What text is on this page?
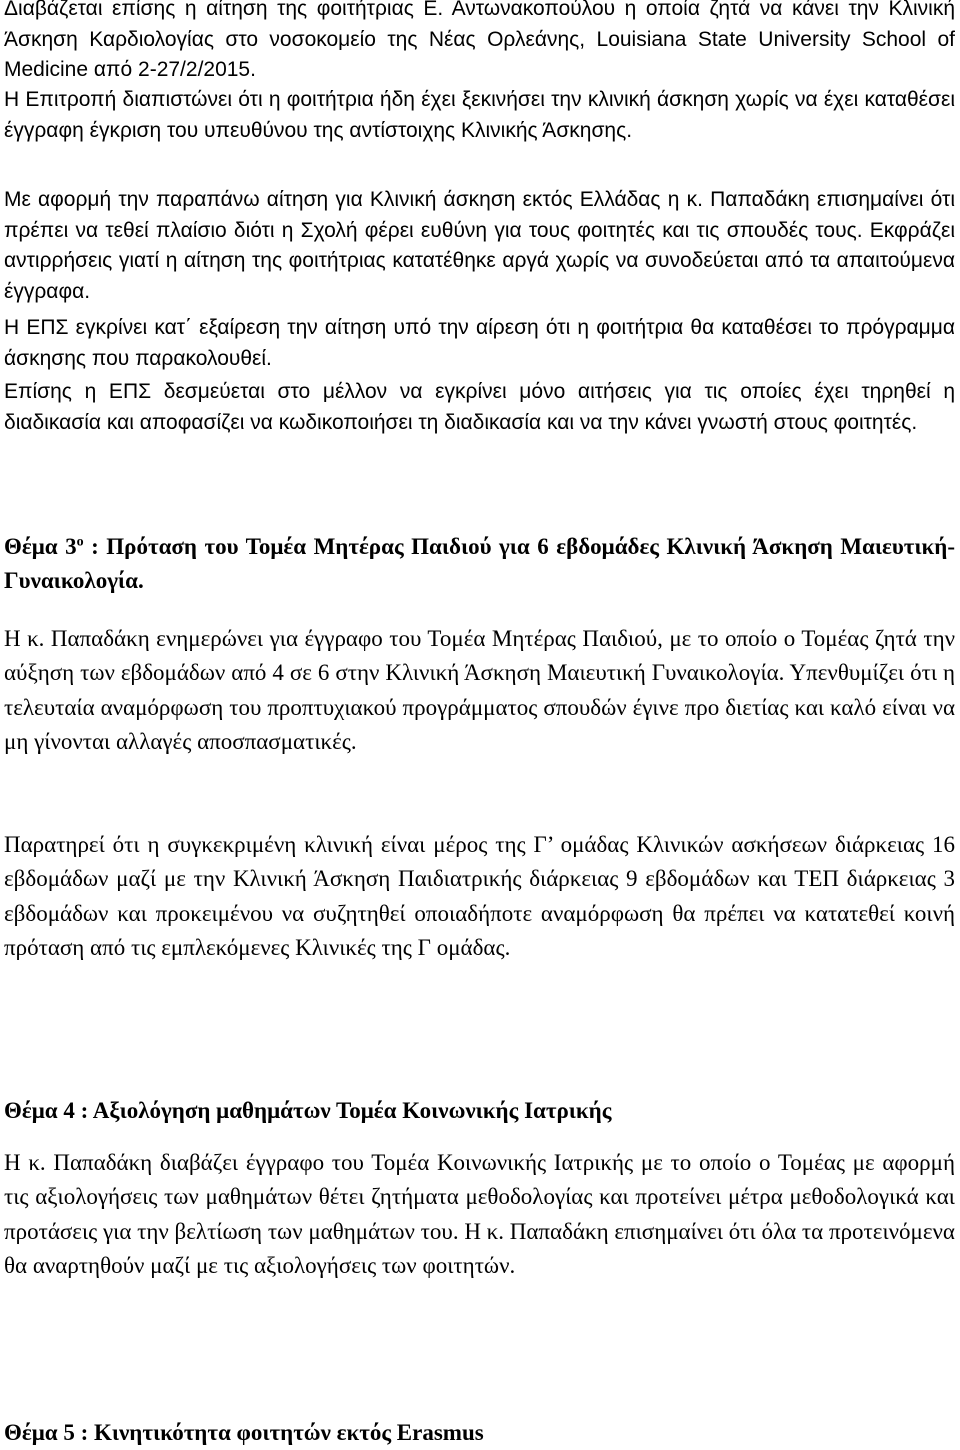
Διαβάζεται επίσης η αίτηση της φοιτήτριας Ε. Αντωνακοπούλου η οποία ζητά να κάνει την Κλινική Άσκηση Καρδιολογίας στο νοσοκομείο της Νέας Ορλεάνης, Louisiana State University School of Medicine από 2-27/2/2015.

Η Επιτροπή διαπιστώνει ότι η φοιτήτρια ήδη έχει ξεκινήσει την κλινική άσκηση χωρίς να έχει καταθέσει έγγραφη έγκριση του υπευθύνου της αντίστοιχης Κλινικής Άσκησης.

Με αφορμή την παραπάνω αίτηση για Κλινική άσκηση εκτός Ελλάδας η κ. Παπαδάκη επισημαίνει ότι πρέπει να τεθεί πλαίσιο διότι η Σχολή φέρει ευθύνη για τους φοιτητές και τις σπουδές τους. Εκφράζει αντιρρήσεις γιατί η αίτηση της φοιτήτριας κατατέθηκε αργά χωρίς να συνοδεύεται από τα απαιτούμενα έγγραφα.

Η ΕΠΣ εγκρίνει κατ΄ εξαίρεση την αίτηση υπό την αίρεση ότι η φοιτήτρια θα καταθέσει το πρόγραμμα άσκησης που παρακολουθεί.

Επίσης η ΕΠΣ δεσμεύεται στο μέλλον να εγκρίνει μόνο αιτήσεις για τις οποίες έχει τηρηθεί η διαδικασία και αποφασίζει να κωδικοποιήσει τη διαδικασία και να την κάνει γνωστή στους φοιτητές.

Θέμα $3^o$ : Πρόταση του Τομέα Μητέρας Παιδιού για 6 εβδομάδες Κλινική Άσκηση Μαιευτική-Γυναικολογία.

Η κ. Παπαδάκη ενημερώνει για έγγραφο του Τομέα Μητέρας Παιδιού, με το οποίο ο Τομέας ζητά την αύξηση των εβδομάδων από 4 σε 6 στην Κλινική Άσκηση Μαιευτική Γυναικολογία. Υπενθυμίζει ότι η τελευταία αναμόρφωση του προπτυχιακού προγράμματος σπουδών έγινε προ διετίας και καλό είναι να μη γίνονται αλλαγές αποσπασματικές.

Παρατηρεί ότι η συγκεκριμένη κλινική είναι μέρος της Γ’ ομάδας Κλινικών ασκήσεων διάρκειας 16 εβδομάδων μαζί με την Κλινική Άσκηση Παιδιατρικής διάρκειας 9 εβδομάδων και ΤΕΠ διάρκειας 3 εβδομάδων και προκειμένου να συζητηθεί οποιαδήποτε αναμόρφωση θα πρέπει να κατατεθεί κοινή πρόταση από τις εμπλεκόμενες Κλινικές της Γ ομάδας.

Θέμα 4 : Αξιολόγηση μαθημάτων Τομέα Κοινωνικής Ιατρικής

Η κ. Παπαδάκη διαβάζει έγγραφο του Τομέα Κοινωνικής Ιατρικής με το οποίο ο Τομέας με αφορμή τις αξιολογήσεις των μαθημάτων θέτει ζητήματα μεθοδολογίας και προτείνει μέτρα μεθοδολογικά και προτάσεις για την βελτίωση των μαθημάτων του. Η κ. Παπαδάκη επισημαίνει ότι όλα τα προτεινόμενα θα αναρτηθούν μαζί με τις αξιολογήσεις των φοιτητών.

Θέμα 5 : Κινητικότητα φοιτητών εκτός Erasmus
